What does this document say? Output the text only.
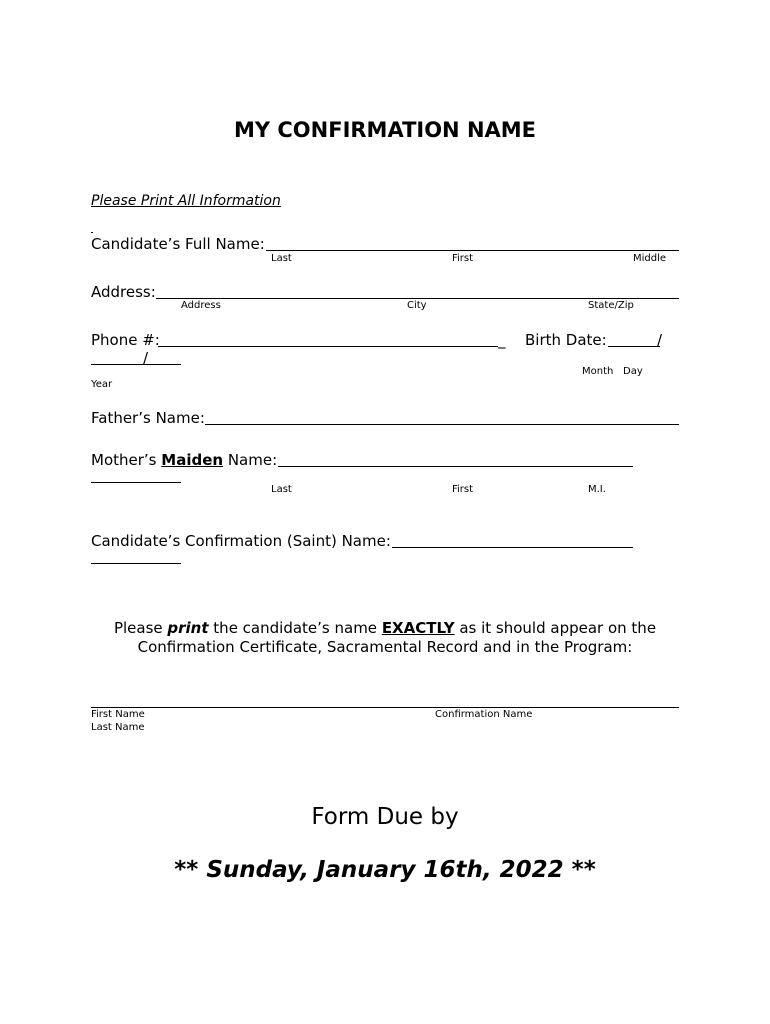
MY CONFIRMATION NAME
Please Print All Information
Candidate’s Full Name:
Last	First	Middle
Address:
Address	City	State/Zip
Phone #:	_ Birth Date:	/
/
Month Day
Year
Father’s Name:
Mother’s Maiden Name:
Last	First	M.I.
Candidate’s Confirmation (Saint) Name:
Please print the candidate’s name EXACTLY as it should appear on the
Confirmation Certificate, Sacramental Record and in the Program:
First Name	Confirmation Name
Last Name
Form Due by
** Sunday, January 16th, 2022 **
